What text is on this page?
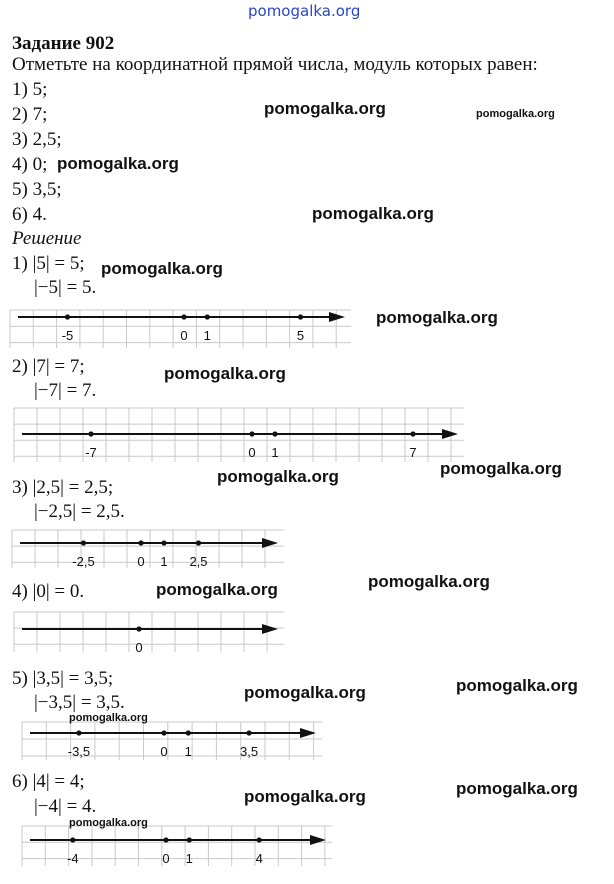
pomogalka.org
Задание 902
Отметьте на координатной прямой числа, модуль которых равен:
1) 5;
2) 7;
3) 2,5;
4) 0;
5) 3,5;
6) 4.
Решение
1) |5| = 5;
|−5| = 5.
-5	0 1	5
2) |7| = 7;
|−7| = 7.
-7	0 1	7
3) |2,5| = 2,5;
|−2,5| = 2,5.
-2,5	0 1 2,5
4) |0| = 0.
0
5) |3,5| = 3,5;
|−3,5| = 3,5.
-3,5	0 1	3,5
6) |4| = 4;
|−4| = 4.
-4	0 1	4
pomogalka.org	pomogalka.org
pomogalka.org
pomogalka.org
pomogalka.org
pomogalka.org
pomogalka.org
pomogalka.org
pomogalka.org
pomogalka.org
pomogalka.org
pomogalka.org
pomogalka.org
pomogalka.org
pomogalka.org
pomogalka.org
pomogalka.org
